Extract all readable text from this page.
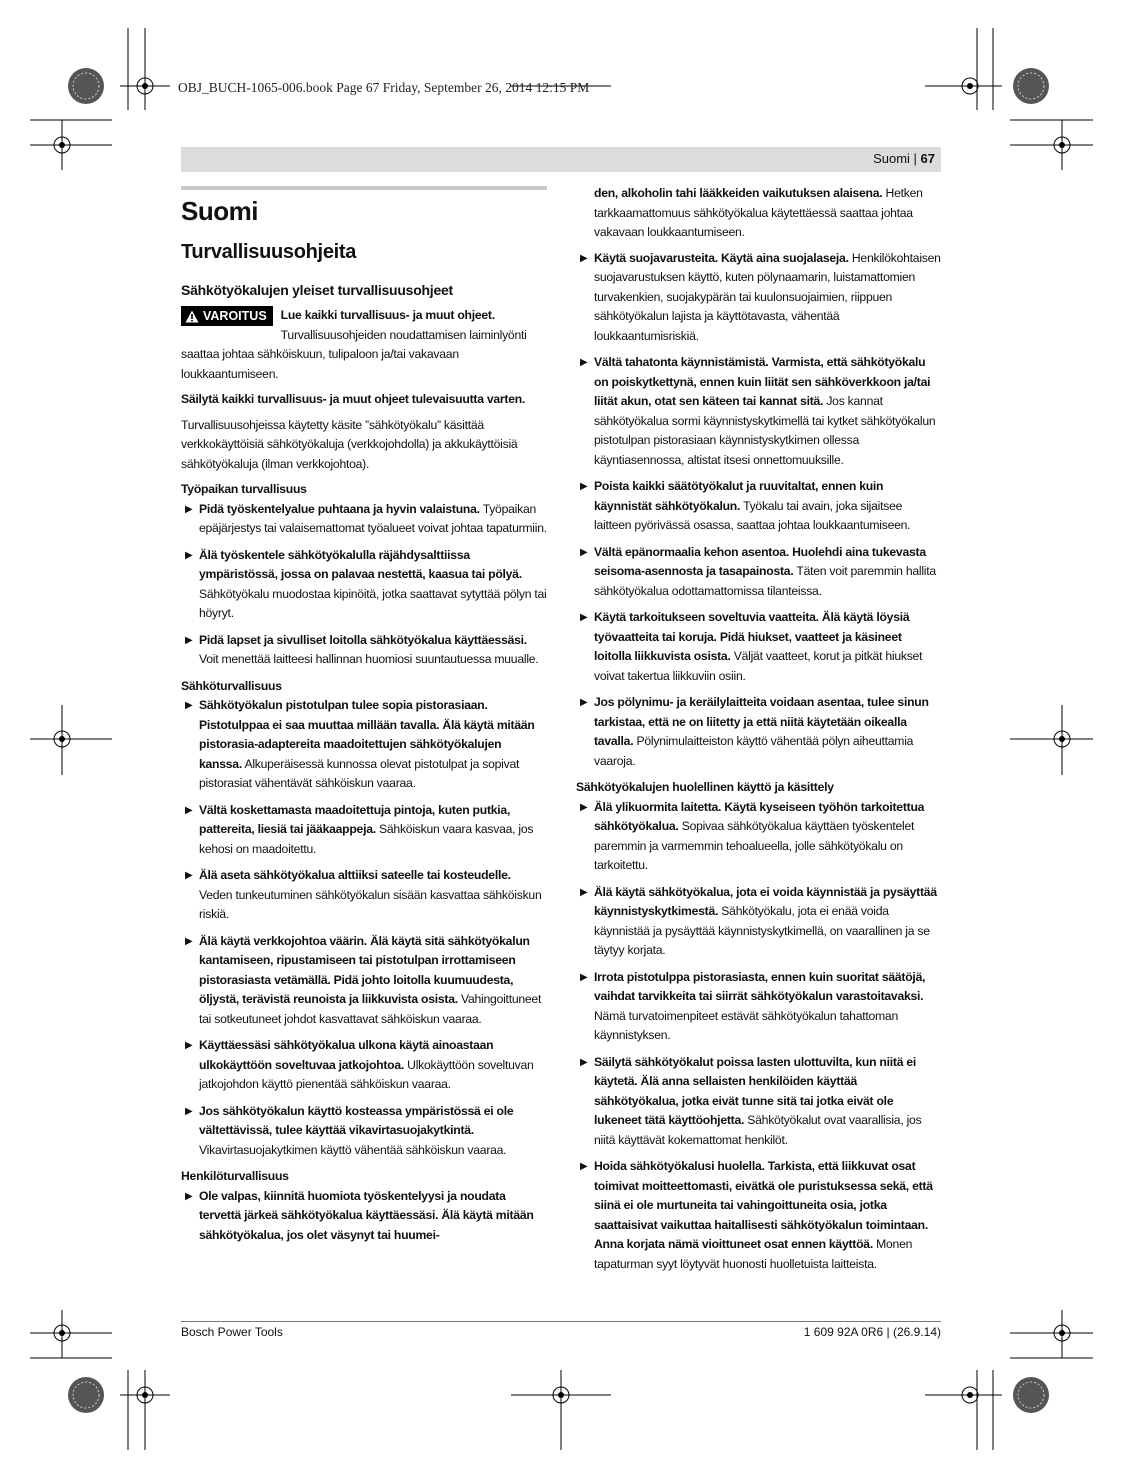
OBJ_BUCH-1065-006.book Page 67 Friday, September 26, 2014 12:15 PM
Suomi | 67
Suomi
Turvallisuusohjeita
Sähkötyökalujen yleiset turvallisuusohjeet
VAROITUS	Lue kaikki turvallisuus- ja muut ohjeet. Turvallisuusohjeiden noudattamisen laiminlyönti saattaa johtaa sähköiskuun, tulipaloon ja/tai vakavaan loukkaantumiseen.

Säilytä kaikki turvallisuus- ja muut ohjeet tulevaisuutta varten.

Turvallisuusohjeissa käytetty käsite ”sähkötyökalu” käsittää verkkokäyttöisiä sähkötyökaluja (verkkojohdolla) ja akkukäyttöisiä sähkötyökaluja (ilman verkkojohtoa).

Työpaikan turvallisuus
▶ Pidä työskentelyalue puhtaana ja hyvin valaistuna. Työpaikan epäjärjestys tai valaisemattomat työalueet voivat johtaa tapaturmiin.
▶ Älä työskentele sähkötyökalulla räjähdysalttiissa ympäristössä, jossa on palavaa nestettä, kaasua tai pölyä. Sähkötyökalu muodostaa kipinöitä, jotka saattavat sytyttää pölyn tai höyryt.
▶ Pidä lapset ja sivulliset loitolla sähkötyökalua käyttäessäsi. Voit menettää laitteesi hallinnan huomiosi suuntautuessa muualle.
Sähköturvallisuus
▶ Sähkötyökalun pistotulpan tulee sopia pistorasiaan. Pistotulppaa ei saa muuttaa millään tavalla. Älä käytä mitään pistorasia-adaptereita maadoitettujen sähkötyökalujen kanssa. Alkuperäisessä kunnossa olevat pistotulpat ja sopivat pistorasiat vähentävät sähköiskun vaaraa.
▶ Vältä koskettamasta maadoitettuja pintoja, kuten putkia, pattereita, liesiä tai jääkaappeja. Sähköiskun vaara kasvaa, jos kehosi on maadoitettu.
▶ Älä aseta sähkötyökalua alttiiksi sateelle tai kosteudelle. Veden tunkeutuminen sähkötyökalun sisään kasvattaa sähköiskun riskiä.
▶ Älä käytä verkkojohtoa väärin. Älä käytä sitä sähkötyökalun kantamiseen, ripustamiseen tai pistotulpan irrottamiseen pistorasiasta vetämällä. Pidä johto loitolla kuumuudesta, öljystä, terävistä reunoista ja liikkuvista osista. Vahingoittuneet tai sotkeutuneet johdot kasvattavat sähköiskun vaaraa.
▶ Käyttäessäsi sähkötyökalua ulkona käytä ainoastaan ulkokäyttöön soveltuvaa jatkojohtoa. Ulkokäyttöön soveltuvan jatkojohdon käyttö pienentää sähköiskun vaaraa.
▶ Jos sähkötyökalun käyttö kosteassa ympäristössä ei ole vältettävissä, tulee käyttää vikavirtasuojakytkintä. Vikavirtasuojakytkimen käyttö vähentää sähköiskun vaaraa.
Henkilöturvallisuus
▶ Ole valpas, kiinnitä huomiota työskentelyysi ja noudata tervettä järkeä sähkötyökalua käyttäessäsi. Älä käytä mitään sähkötyökalua, jos olet väsynyt tai huumei-

den, alkoholin tahi lääkkeiden vaikutuksen alaisena. Hetken tarkkaamattomuus sähkötyökalua käytettäessä saattaa johtaa vakavaan loukkaantumiseen.

▶ Käytä suojavarusteita. Käytä aina suojalaseja. Henkilökohtaisen suojavarustuksen käyttö, kuten pölynaamarin, luistamattomien turvakenkien, suojakypärän tai kuulonsuojaimien, riippuen sähkötyökalun lajista ja käyttötavasta, vähentää loukkaantumisriskiä.
▶ Vältä tahatonta käynnistämistä. Varmista, että sähkötyökalu on poiskytkettynä, ennen kuin liität sen sähköverkkoon ja/tai liität akun, otat sen käteen tai kannat sitä. Jos kannat sähkötyökalua sormi käynnistyskytkimellä tai kytket sähkötyökalun pistotulpan pistorasiaan käynnistyskytkimen ollessa käyntiasennossa, altistat itsesi onnettomuuksille.
▶ Poista kaikki säätötyökalut ja ruuvitaltat, ennen kuin käynnistät sähkötyökalun. Työkalu tai avain, joka sijaitsee laitteen pyörivässä osassa, saattaa johtaa loukkaantumiseen.
▶ Vältä epänormaalia kehon asentoa. Huolehdi aina tukevasta seisoma-asennosta ja tasapainosta. Täten voit paremmin hallita sähkötyökalua odottamattomissa tilanteissa.
▶ Käytä tarkoitukseen soveltuvia vaatteita. Älä käytä löysiä työvaatteita tai koruja. Pidä hiukset, vaatteet ja käsineet loitolla liikkuvista osista. Väljät vaatteet, korut ja pitkät hiukset voivat takertua liikkuviin osiin.
▶ Jos pölynimu- ja keräilylaitteita voidaan asentaa, tulee sinun tarkistaa, että ne on liitetty ja että niitä käytetään oikealla tavalla. Pölynimulaitteiston käyttö vähentää pölyn aiheuttamia vaaroja.
Sähkötyökalujen huolellinen käyttö ja käsittely
▶ Älä ylikuormita laitetta. Käytä kyseiseen työhön tarkoitettua sähkötyökalua. Sopivaa sähkötyökalua käyttäen työskentelet paremmin ja varmemmin tehoalueella, jolle sähkötyökalu on tarkoitettu.
▶ Älä käytä sähkötyökalua, jota ei voida käynnistää ja pysäyttää käynnistyskytkimestä. Sähkötyökalu, jota ei enää voida käynnistää ja pysäyttää käynnistyskytkimellä, on vaarallinen ja se täytyy korjata.
▶ Irrota pistotulppa pistorasiasta, ennen kuin suoritat säätöjä, vaihdat tarvikkeita tai siirrät sähkötyökalun varastoitavaksi. Nämä turvatoimenpiteet estävät sähkötyökalun tahattoman käynnistyksen.
▶ Säilytä sähkötyökalut poissa lasten ulottuvilta, kun niitä ei käytetä. Älä anna sellaisten henkilöiden käyttää sähkötyökalua, jotka eivät tunne sitä tai jotka eivät ole lukeneet tätä käyttöohjetta. Sähkötyökalut ovat vaarallisia, jos niitä käyttävät kokemattomat henkilöt.
▶ Hoida sähkötyökalusi huolella. Tarkista, että liikkuvat osat toimivat moitteettomasti, eivätkä ole puristuksessa sekä, että siinä ei ole murtuneita tai vahingoittuneita osia, jotka saattaisivat vaikuttaa haitallisesti sähkötyökalun toimintaan. Anna korjata nämä vioittuneet osat ennen käyttöä. Monen tapaturman syyt löytyvät huonosti huolletuista laitteista.
Bosch Power Tools	1 609 92A 0R6 | (26.9.14)
